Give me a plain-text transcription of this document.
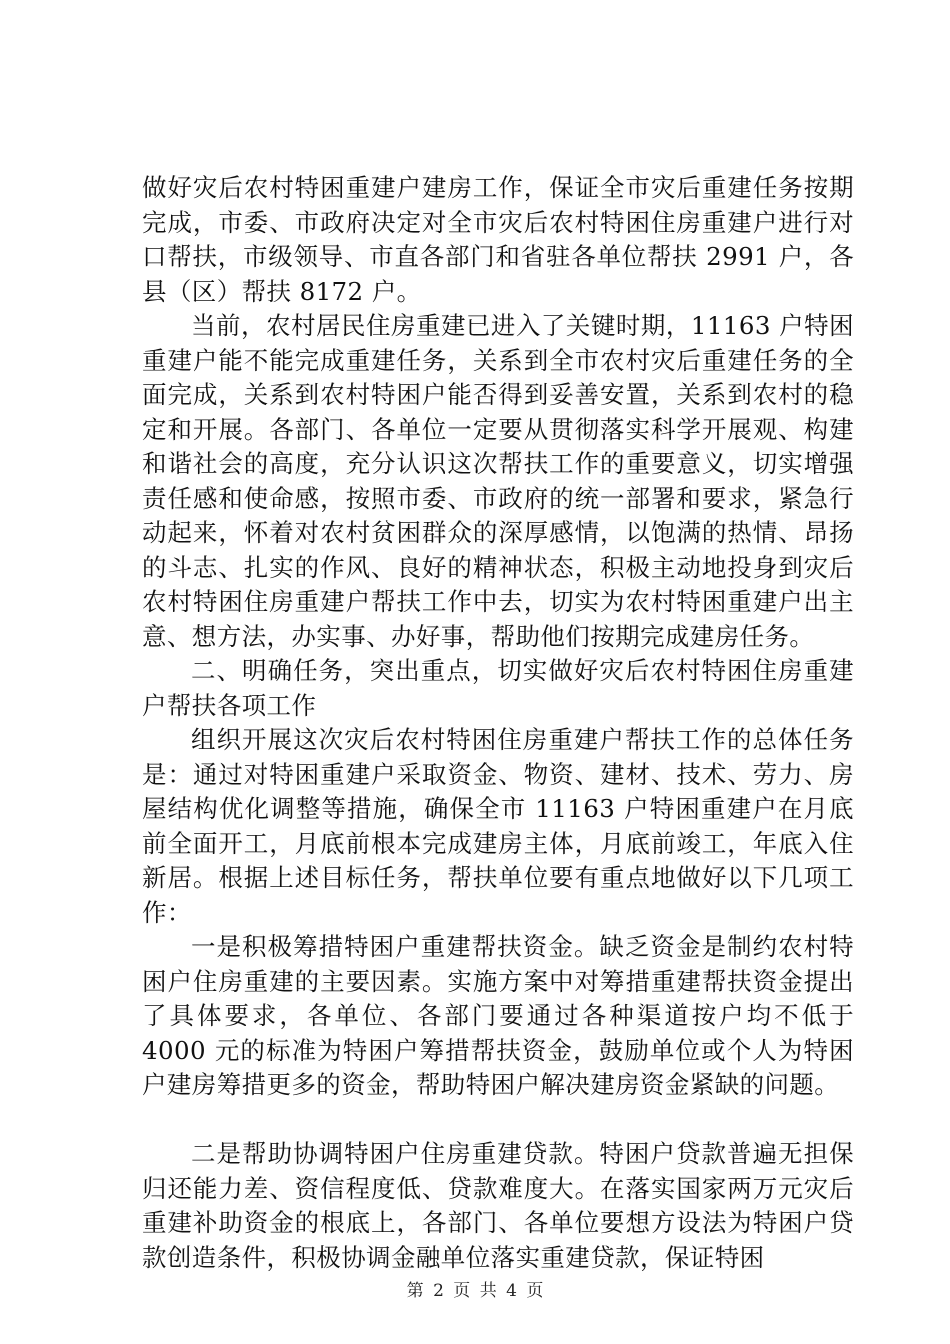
做好灾后农村特困重建户建房工作，保证全市灾后重建任务按期完成，市委、市政府决定对全市灾后农村特困住房重建户进行对口帮扶，市级领导、市直各部门和省驻各单位帮扶 2991 户，各县（区）帮扶 8172 户。

当前，农村居民住房重建已进入了关键时期，11163 户特困重建户能不能完成重建任务，关系到全市农村灾后重建任务的全面完成，关系到农村特困户能否得到妥善安置，关系到农村的稳定和开展。各部门、各单位一定要从贯彻落实科学开展观、构建和谐社会的高度，充分认识这次帮扶工作的重要意义，切实增强责任感和使命感，按照市委、市政府的统一部署和要求，紧急行动起来，怀着对农村贫困群众的深厚感情，以饱满的热情、昂扬的斗志、扎实的作风、良好的精神状态，积极主动地投身到灾后农村特困住房重建户帮扶工作中去，切实为农村特困重建户出主意、想方法，办实事、办好事，帮助他们按期完成建房任务。

二、明确任务，突出重点，切实做好灾后农村特困住房重建户帮扶各项工作

组织开展这次灾后农村特困住房重建户帮扶工作的总体任务是：通过对特困重建户采取资金、物资、建材、技术、劳力、房屋结构优化调整等措施，确保全市 11163 户特困重建户在月底前全面开工，月底前根本完成建房主体，月底前竣工，年底入住新居。根据上述目标任务，帮扶单位要有重点地做好以下几项工作：

一是积极筹措特困户重建帮扶资金。缺乏资金是制约农村特困户住房重建的主要因素。实施方案中对筹措重建帮扶资金提出了具体要求，各单位、各部门要通过各种渠道按户均不低于 4000 元的标准为特困户筹措帮扶资金，鼓励单位或个人为特困户建房筹措更多的资金，帮助特困户解决建房资金紧缺的问题。

二是帮助协调特困户住房重建贷款。特困户贷款普遍无担保归还能力差、资信程度低、贷款难度大。在落实国家两万元灾后重建补助资金的根底上，各部门、各单位要想方设法为特困户贷款创造条件，积极协调金融单位落实重建贷款，保证特困

第 2 页 共 4 页
